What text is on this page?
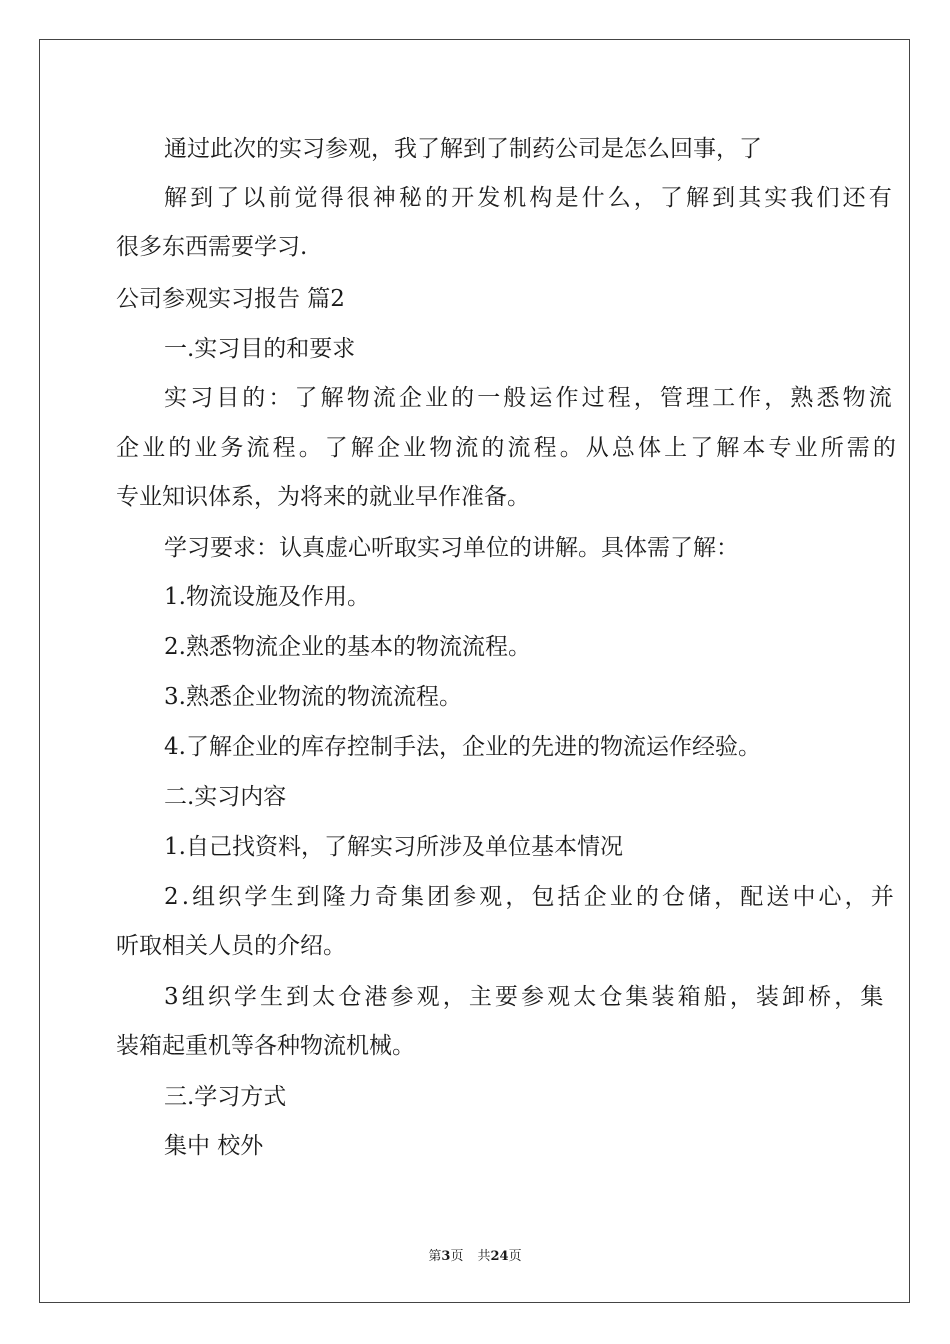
通过此次的实习参观，我了解到了制药公司是怎么回事，了
解到了以前觉得很神秘的开发机构是什么，了解到其实我们还有
很多东西需要学习.
公司参观实习报告 篇2
一.实习目的和要求
实习目的：了解物流企业的一般运作过程，管理工作，熟悉物流
企业的业务流程。了解企业物流的流程。从总体上了解本专业所需的
专业知识体系，为将来的就业早作准备。
学习要求：认真虚心听取实习单位的讲解。具体需了解：
1.物流设施及作用。
2.熟悉物流企业的基本的物流流程。
3.熟悉企业物流的物流流程。
4.了解企业的库存控制手法，企业的先进的物流运作经验。
二.实习内容
1.自己找资料，了解实习所涉及单位基本情况
2.组织学生到隆力奇集团参观，包括企业的仓储，配送中心，并
听取相关人员的介绍。
3组织学生到太仓港参观，主要参观太仓集装箱船，装卸桥，集
装箱起重机等各种物流机械。
三.学习方式
集中 校外
第3页 共24页
